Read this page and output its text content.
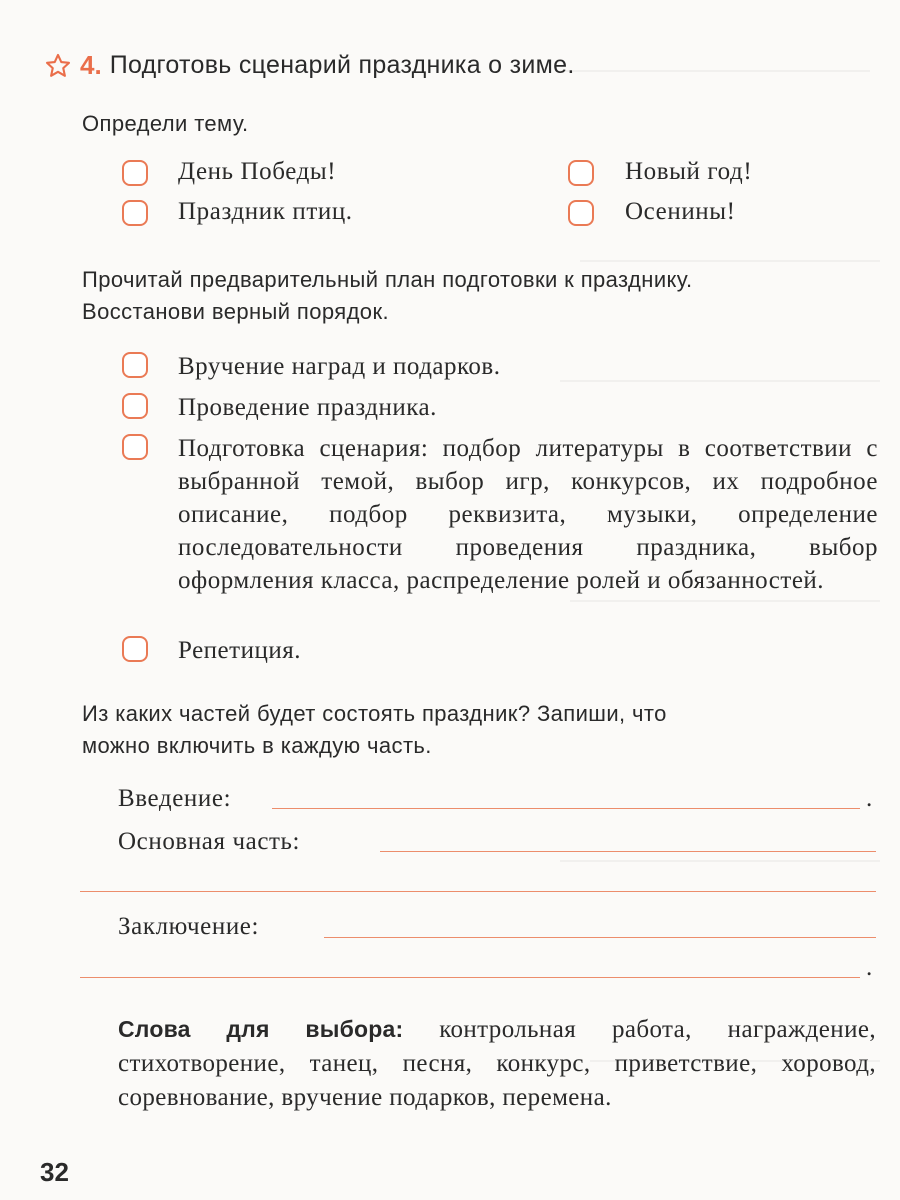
4. Подготовь сценарий праздника о зиме.
Определи тему.
День Победы!	Новый год!
Праздник птиц.	Осенины!
Прочитай предварительный план подготовки к празднику.
Восстанови верный порядок.
Вручение наград и подарков.
Проведение праздника.
Подготовка сценария: подбор литературы в соответствии с выбранной темой, выбор игр, конкурсов, их подробное описание, подбор реквизита, музыки, определение последовательности проведения праздника, выбор оформления класса, распределение ролей и обязанностей.
Репетиция.
Из каких частей будет состоять праздник? Запиши, что
можно включить в каждую часть.
Введение:	.
Основная часть:
Заключение:
.
Слова для выбора: контрольная работа, награждение, стихотворение, танец, песня, конкурс, приветствие, хоровод, соревнование, вручение подарков, перемена.
32
